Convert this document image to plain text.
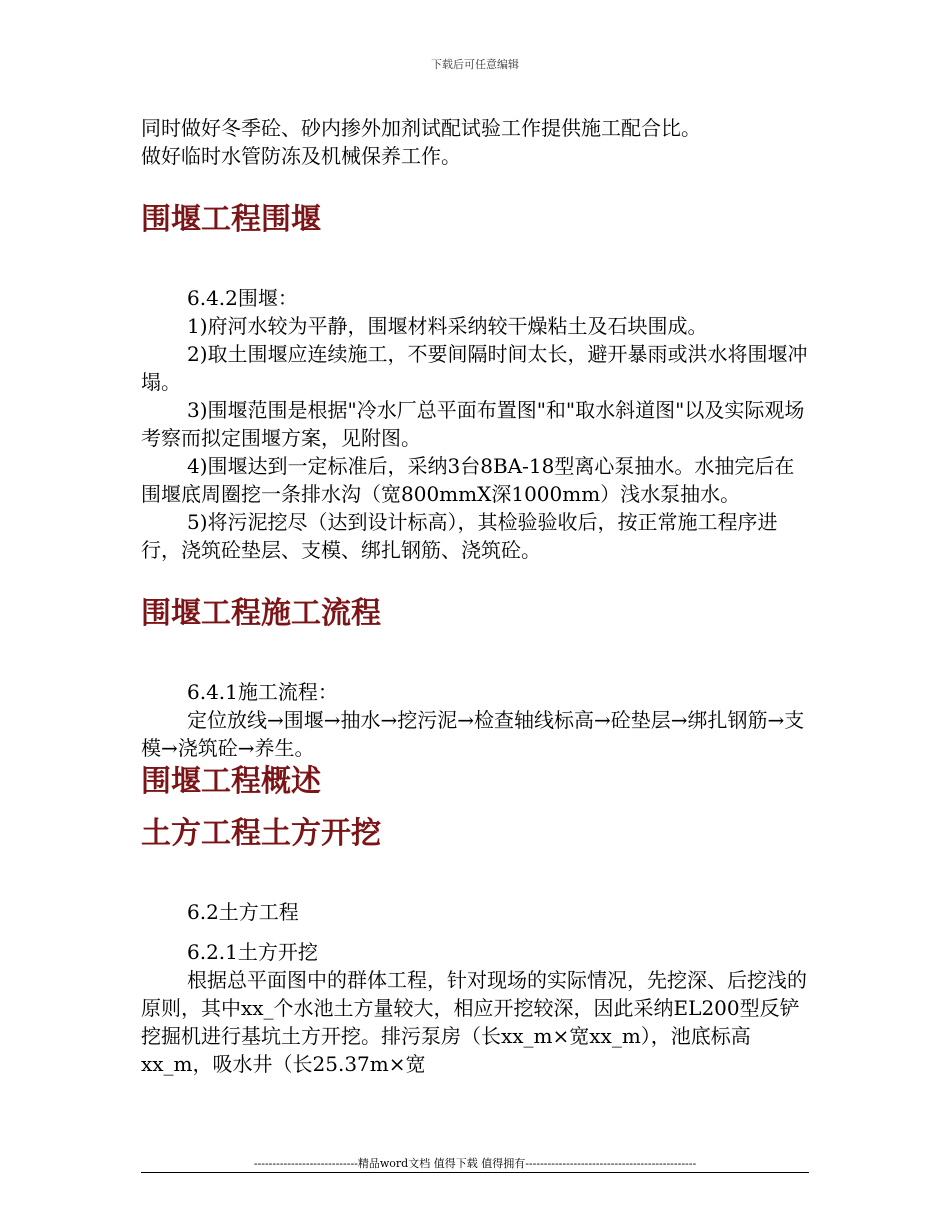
下载后可任意编辑

同时做好冬季砼、砂内掺外加剂试配试验工作提供施工配合比。

做好临时水管防冻及机械保养工作。

围堰工程围堰

6.4.2围堰：

1)府河水较为平静，围堰材料采纳较干燥粘土及石块围成。

2)取土围堰应连续施工，不要间隔时间太长，避开暴雨或洪水将围堰冲塌。

3)围堰范围是根据"冷水厂总平面布置图"和"取水斜道图"以及实际观场考察而拟定围堰方案，见附图。

4)围堰达到一定标准后，采纳3台8BA-18型离心泵抽水。水抽完后在围堰底周圈挖一条排水沟（宽800mmX深1000mm）浅水泵抽水。

5)将污泥挖尽（达到设计标高），其检验验收后，按正常施工程序进行，浇筑砼垫层、支模、绑扎钢筋、浇筑砼。

围堰工程施工流程

6.4.1施工流程：

定位放线→围堰→抽水→挖污泥→检查轴线标高→砼垫层→绑扎钢筋→支模→浇筑砼→养生。

围堰工程概述
土方工程土方开挖

6.2土方工程

6.2.1土方开挖

根据总平面图中的群体工程，针对现场的实际情况，先挖深、后挖浅的原则，其中xx_个水池土方量较大，相应开挖较深，因此采纳EL200型反铲挖掘机进行基坑土方开挖。排污泵房（长xx_m×宽xx_m），池底标高xx_m，吸水井（长25.37m×宽

----------------------------精品word文档 值得下载 值得拥有----------------------------------------------
